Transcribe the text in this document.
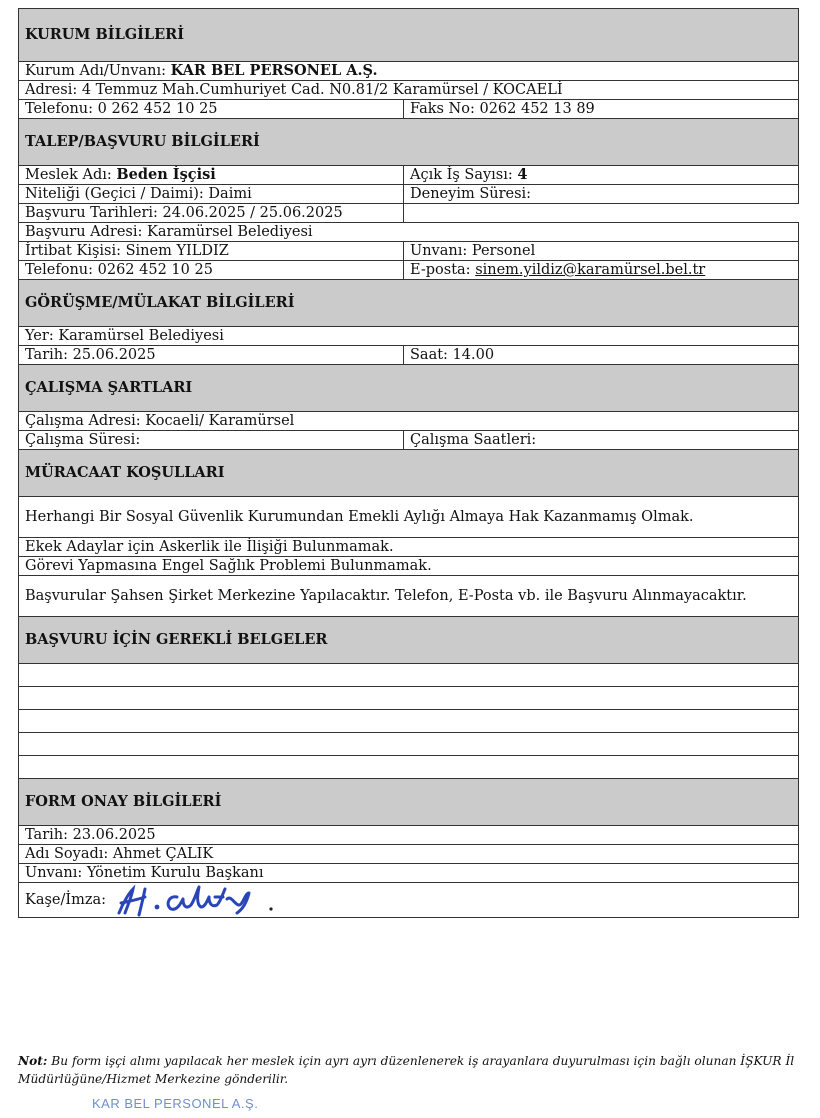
KURUM BİLGİLERİ	
Kurum Adı/Unvanı: KAR BEL PERSONEL A.Ş.	
Adresi: 4 Temmuz Mah.Cumhuriyet Cad. N0.81/2 Karamürsel / KOCAELİ	
Telefonu: 0 262 452 10 25	Faks No: 0262 452 13 89
TALEP/BAŞVURU BİLGİLERİ	
Meslek Adı: Beden İşçisi	Açık İş Sayısı: 4
Niteliği (Geçici / Daimi): Daimi	Deneyim Süresi:
Başvuru Tarihleri: 24.06.2025 / 25.06.2025	
Başvuru Adresi: Karamürsel Belediyesi	
İrtibat Kişisi: Sinem YILDIZ	Unvanı: Personel
Telefonu: 0262 452 10 25	E-posta: sinem.yildiz@karamürsel.bel.tr
GÖRÜŞME/MÜLAKAT BİLGİLERİ	
Yer: Karamürsel Belediyesi	
Tarih: 25.06.2025	Saat: 14.00
ÇALIŞMA ŞARTLARI	
Çalışma Adresi: Kocaeli/ Karamürsel	
Çalışma Süresi:	Çalışma Saatleri:
MÜRACAAT KOŞULLARI	
Herhangi Bir Sosyal Güvenlik Kurumundan Emekli Aylığı Almaya Hak Kazanmamış Olmak.	
Ekek Adaylar için Askerlik ile İlişiği Bulunmamak.	
Görevi Yapmasına Engel Sağlık Problemi Bulunmamak.	
Başvurular Şahsen Şirket Merkezine Yapılacaktır. Telefon, E-Posta vb. ile Başvuru Alınmayacaktır.	
BAŞVURU İÇİN GEREKLİ BELGELER	

FORM ONAY BİLGİLERİ	
Tarih: 23.06.2025	
Adı Soyadı: Ahmet ÇALIK	
Unvanı: Yönetim Kurulu Başkanı	
Kaşe/İmza:	
Not: Bu form işçi alımı yapılacak her meslek için ayrı ayrı düzenlenerek iş arayanlara duyurulması için bağlı olunan İŞKUR İl Müdürlüğüne/Hizmet Merkezine gönderilir.
KAR BEL PERSONEL A.Ş.
